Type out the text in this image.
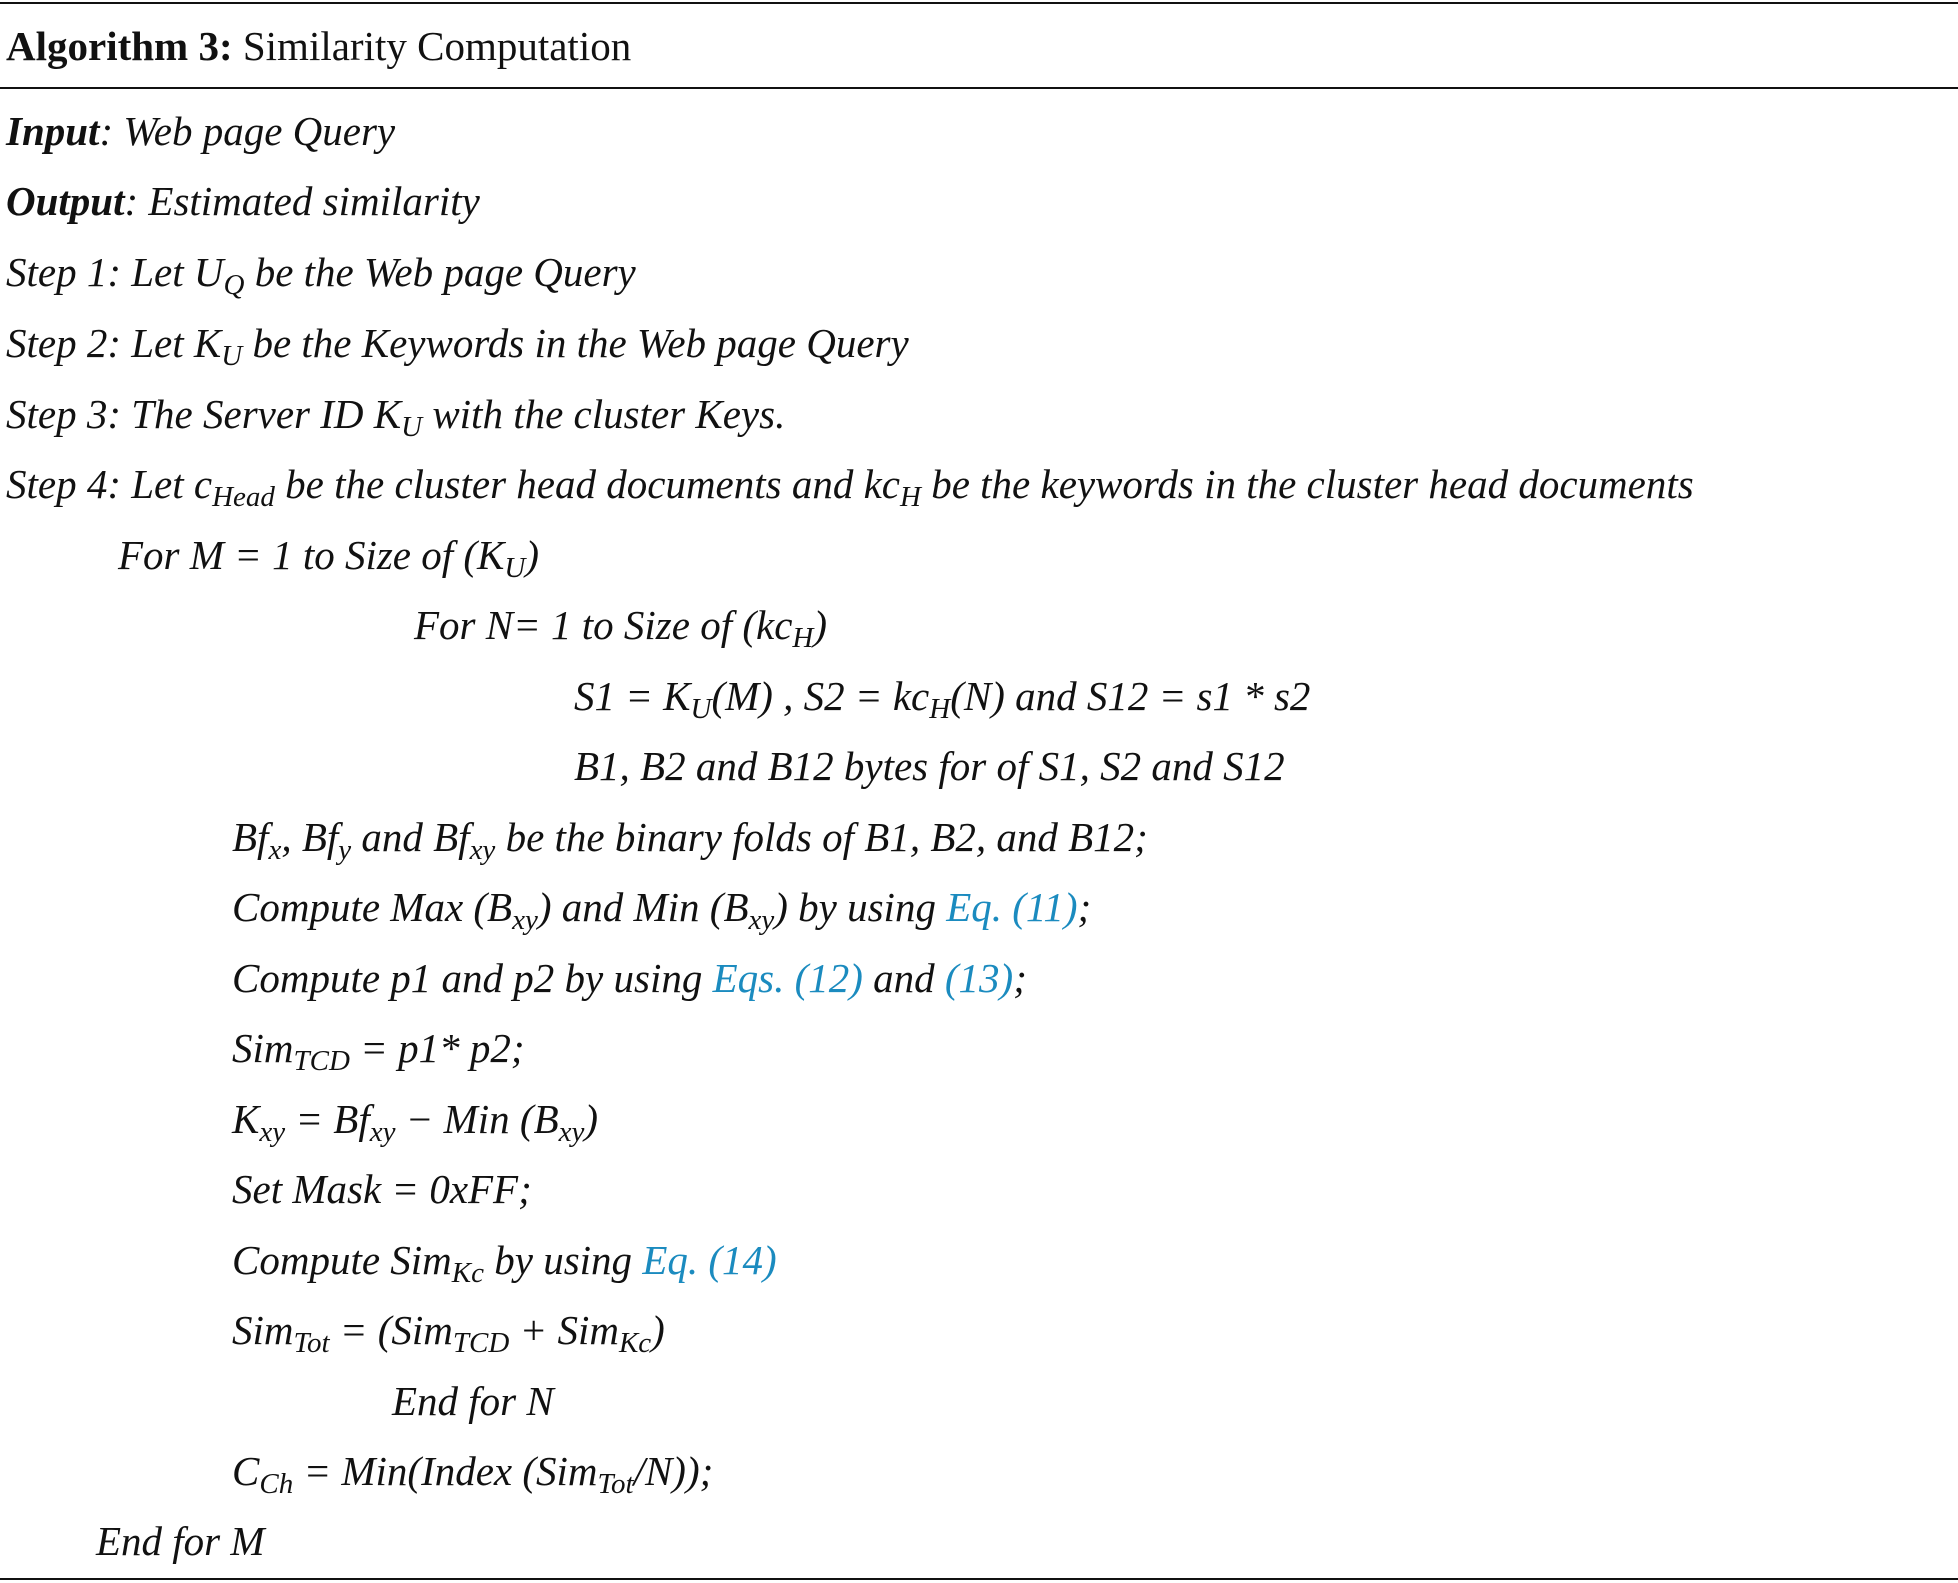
Algorithm 3: Similarity Computation
Input: Web page Query
Output: Estimated similarity
Step 1: Let $U_Q$ be the Web page Query
Step 2: Let $K_U$ be the Keywords in the Web page Query
Step 3: The Server ID $K_U$ with the cluster Keys.
Step 4: Let $c_{Head}$ be the cluster head documents and $kc_H$ be the keywords in the cluster head documents
For M = 1 to Size of $(K_U)$
For N= 1 to Size of $(kc_H)$
$S1 = K_U(M)$ , $S2 = kc_H(N)$ and S12 = s1 * s2
B1, B2 and B12 bytes for of S1, S2 and S12
$Bf_x$, $Bf_y$ and $Bf_{xy}$ be the binary folds of B1, B2, and B12;
Compute Max $(B_{xy})$ and Min $(B_{xy})$ by using Eq. (11);
Compute p1 and p2 by using Eqs. (12) and (13);
Sim$_{TCD}$ = p1* p2;
$K_{xy} = Bf_{xy}$ − Min $(B_{xy})$
Set Mask = 0xFF;
Compute Sim$_{Kc}$ by using Eq. (14)
Sim$_{Tot}$ = (Sim$_{TCD}$ + Sim$_{Kc}$)
End for N
$C_{Ch}$ = Min(Index (Sim$_{Tot}$/N));
End for M
